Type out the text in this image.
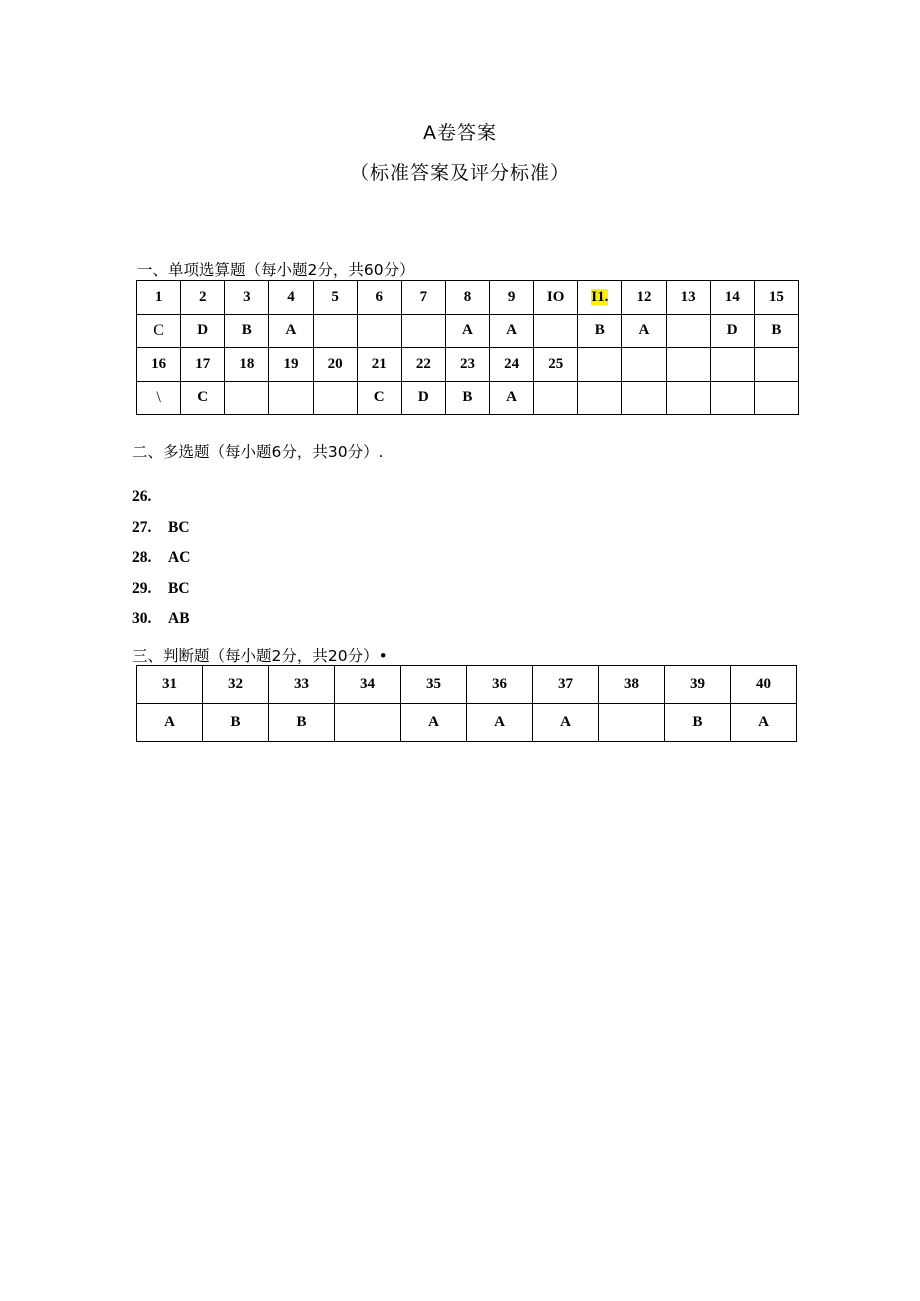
A卷答案
（标准答案及评分标准）
一、单项选算题（每小题2分，共60分）
1	2	3	4	5	6	7	8	9	IO	I1.	12	13	14	15
C	D	B	A				A	A		B	A		D	B
16	17	18	19	20	21	22	23	24	25					
\	C				C	D	B	A						
二、多选题（每小题6分，共30分）.
26.
27.	BC
28.	AC
29.	BC
30.	AB
三、判断题（每小题2分，共20分）•
31	32	33	34	35	36	37	38	39	40
A	B	B		A	A	A		B	A
